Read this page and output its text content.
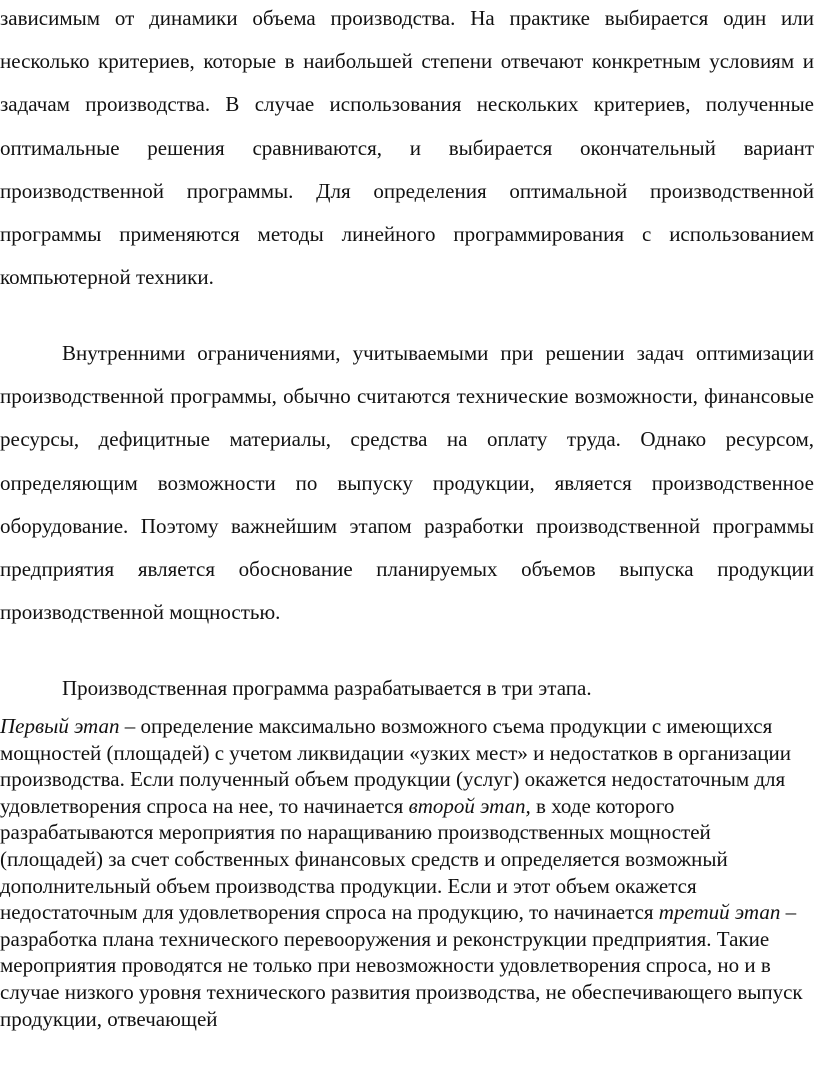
зависимым от динамики объема производства. На практике выбирается один или несколько критериев, которые в наибольшей степени отвечают конкретным условиям и задачам производства. В случае использования нескольких критериев, полученные оптимальные решения сравниваются, и выбирается окончательный вариант производственной программы. Для определения оптимальной производственной программы применяются методы линейного программирования с использованием компьютерной техники.

Внутренними ограничениями, учитываемыми при решении задач оптимизации производственной программы, обычно считаются технические возможности, финансовые ресурсы, дефицитные материалы, средства на оплату труда. Однако ресурсом, определяющим возможности по выпуску продукции, является производственное оборудование. Поэтому важнейшим этапом разработки производственной программы предприятия является обоснование планируемых объемов выпуска продукции производственной мощностью.

Производственная программа разрабатывается в три этапа.

Первый этап – определение максимально возможного съема продукции с имеющихся мощностей (площадей) с учетом ликвидации «узких мест» и недостатков в организации производства. Если полученный объем продукции (услуг) окажется недостаточным для удовлетворения спроса на нее, то начинается второй этап, в ходе которого разрабатываются мероприятия по наращиванию производственных мощностей (площадей) за счет собственных финансовых средств и определяется возможный дополнительный объем производства продукции. Если и этот объем окажется недостаточным для удовлетворения спроса на продукцию, то начинается третий этап – разработка плана технического перевооружения и реконструкции предприятия. Такие мероприятия проводятся не только при невозможности удовлетворения спроса, но и в случае низкого уровня технического развития производства, не обеспечивающего выпуск продукции, отвечающей
